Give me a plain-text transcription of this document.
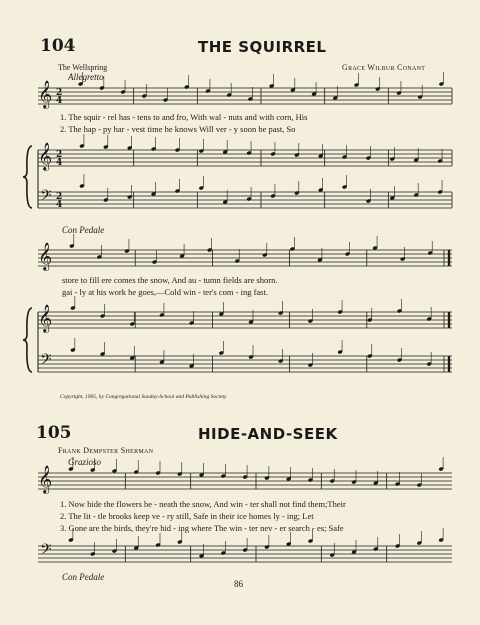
𝄞 2
4
𝄞 2
4
𝄢 2
4
𝄞
𝄞
𝄢
𝄞
𝄢
104	THE SQUIRREL
The Wellspring	Grace Wilbur Conant
Allegretto
1. The squir - rel has - tens to and fro, With wal - nuts and with corn, His
2. The hap - py har - vest time he knows Will ver - y soon be past, So
Con Pedale
store to fill ere comes the snow, And au - tumn fields are shorn.
gai - ly at his work he goes,—Cold win - ter's com - ing fast.
Copyright, 1905, by Congregational Sunday-School and Publishing Society
105	HIDE-AND-SEEK
Frank Dempster Sherman
Grazioso
1. Now hide the flowers be - neath the snow, And win - ter shall not find them;Their
2. The lit - tle brooks keep ve - ry still, Safe in their ice homes ly - ing; Let
3. Gone are the birds, they're hid - ing where The win - ter nev - er search - es; Safe
Con Pedale
86
